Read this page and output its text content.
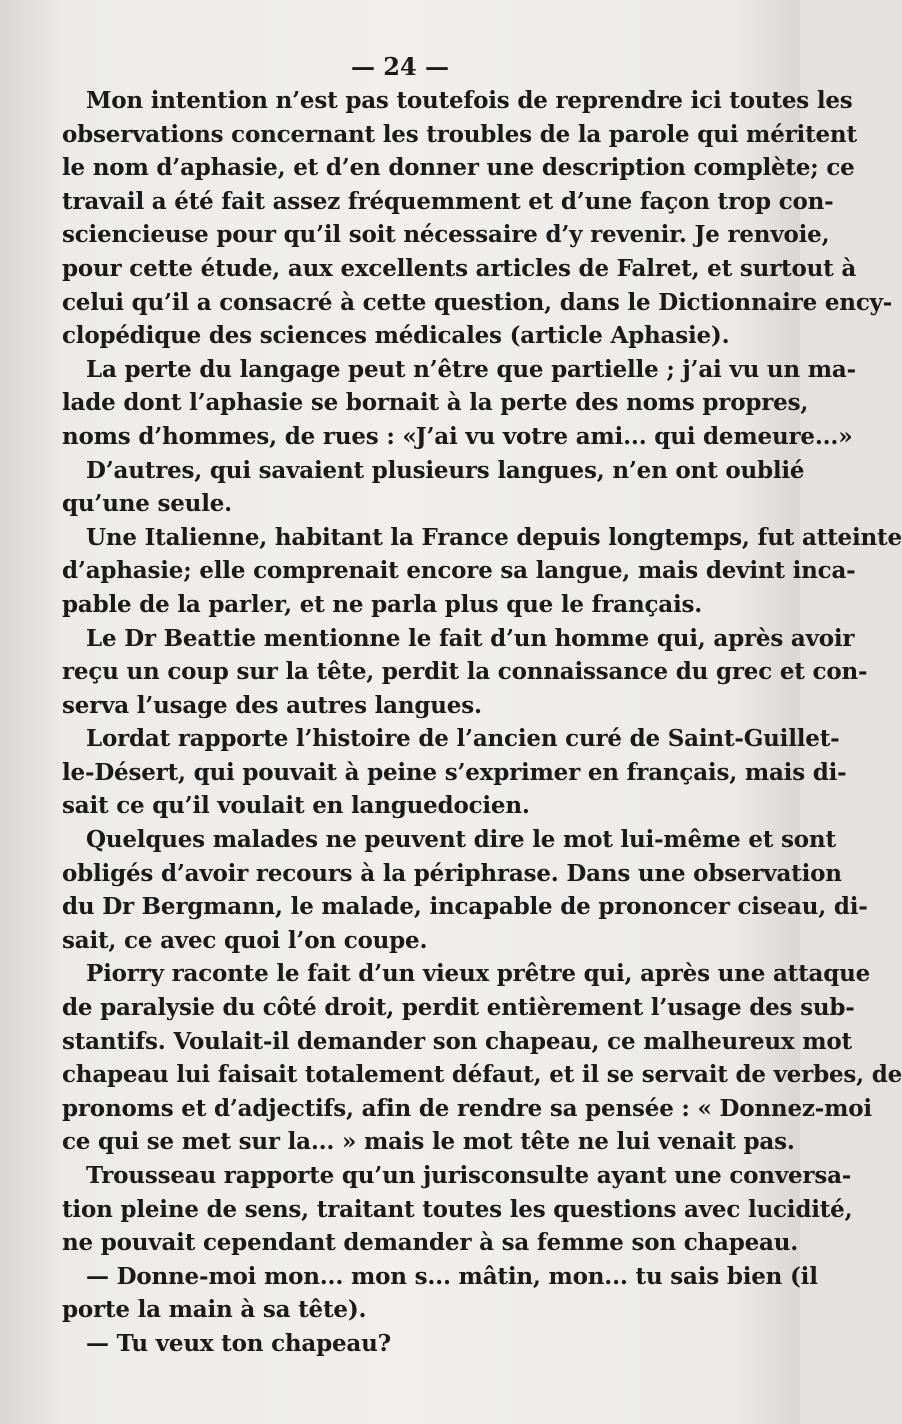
— 24 —
Mon intention n’est pas toutefois de reprendre ici toutes les
observations concernant les troubles de la parole qui méritent
le nom d’aphasie, et d’en donner une description complète; ce
travail a été fait assez fréquemment et d’une façon trop con-
sciencieuse pour qu’il soit nécessaire d’y revenir. Je renvoie,
pour cette étude, aux excellents articles de Falret, et surtout à
celui qu’il a consacré à cette question, dans le Dictionnaire ency-
clopédique des sciences médicales (article Aphasie).
La perte du langage peut n’être que partielle ; j’ai vu un ma-
lade dont l’aphasie se bornait à la perte des noms propres,
noms d’hommes, de rues : «J’ai vu votre ami... qui demeure...»
D’autres, qui savaient plusieurs langues, n’en ont oublié
qu’une seule.
Une Italienne, habitant la France depuis longtemps, fut atteinte
d’aphasie; elle comprenait encore sa langue, mais devint inca-
pable de la parler, et ne parla plus que le français.
Le Dr Beattie mentionne le fait d’un homme qui, après avoir
reçu un coup sur la tête, perdit la connaissance du grec et con-
serva l’usage des autres langues.
Lordat rapporte l’histoire de l’ancien curé de Saint-Guillet-
le-Désert, qui pouvait à peine s’exprimer en français, mais di-
sait ce qu’il voulait en languedocien.
Quelques malades ne peuvent dire le mot lui-même et sont
obligés d’avoir recours à la périphrase. Dans une observation
du Dr Bergmann, le malade, incapable de prononcer ciseau, di-
sait, ce avec quoi l’on coupe.
Piorry raconte le fait d’un vieux prêtre qui, après une attaque
de paralysie du côté droit, perdit entièrement l’usage des sub-
stantifs. Voulait-il demander son chapeau, ce malheureux mot
chapeau lui faisait totalement défaut, et il se servait de verbes, de
pronoms et d’adjectifs, afin de rendre sa pensée : « Donnez-moi
ce qui se met sur la... » mais le mot tête ne lui venait pas.
Trousseau rapporte qu’un jurisconsulte ayant une conversa-
tion pleine de sens, traitant toutes les questions avec lucidité,
ne pouvait cependant demander à sa femme son chapeau.
— Donne-moi mon... mon s... mâtin, mon... tu sais bien (il
porte la main à sa tête).
— Tu veux ton chapeau?
